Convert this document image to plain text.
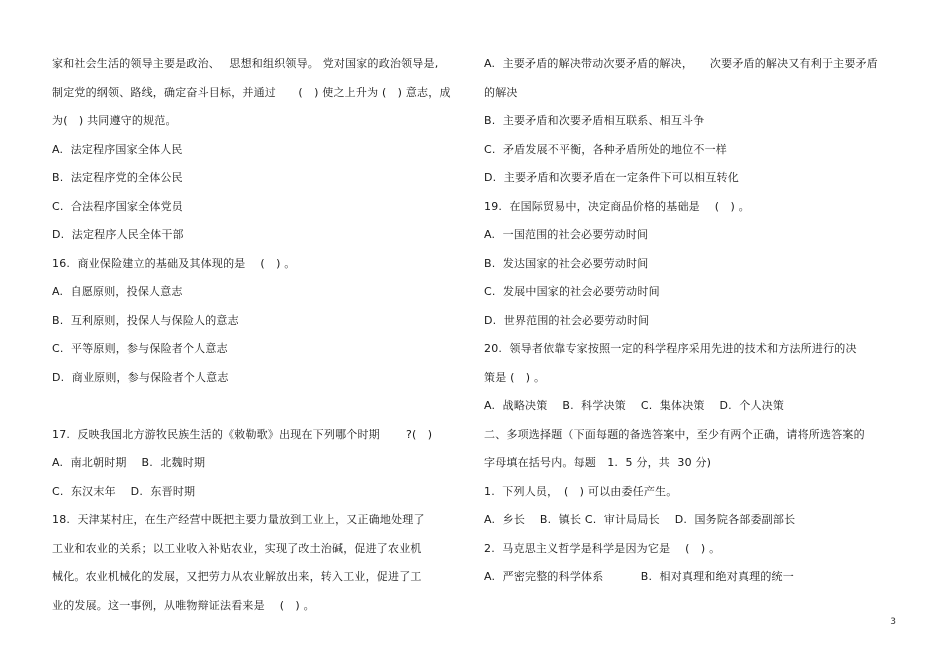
家和社会生活的领导主要是政治、　 思想和组织领导。 党对国家的政治领导是,
制定党的纲领、路线，确定奋斗目标，并通过　　(　) 使之上升为 (　) 意志，成
为(　) 共同遵守的规范。
A.  法定程序国家全体人民
B.  法定程序党的全体公民
C.  合法程序国家全体党员
D.  法定程序人民全体干部
16.  商业保险建立的基础及其体现的是　 (　) 。
A.  自愿原则，投保人意志
B.  互利原则，投保人与保险人的意志
C.  平等原则，参与保险者个人意志
D.  商业原则，参与保险者个人意志
17.  反映我国北方游牧民族生活的《敕勒歌》出现在下列哪个时期　　 ?(　)
A.  南北朝时期　 B.  北魏时期
C.  东汉末年　 D.  东晋时期
18.  天津某村庄，在生产经营中既把主要力量放到工业上，又正确地处理了
工业和农业的关系；以工业收入补贴农业，实现了改土治碱，促进了农业机
械化。农业机械化的发展，又把劳力从农业解放出来，转入工业，促进了工
业的发展。这一事例，从唯物辩证法看来是　 (　) 。
A.  主要矛盾的解决带动次要矛盾的解决，　　次要矛盾的解决又有利于主要矛盾
的解决
B.  主要矛盾和次要矛盾相互联系、相互斗争
C.  矛盾发展不平衡，各种矛盾所处的地位不一样
D.  主要矛盾和次要矛盾在一定条件下可以相互转化
19.  在国际贸易中，决定商品价格的基础是　 (　) 。
A.  一国范围的社会必要劳动时间
B.  发达国家的社会必要劳动时间
C.  发展中国家的社会必要劳动时间
D.  世界范围的社会必要劳动时间
20.  领导者依靠专家按照一定的科学程序采用先进的技术和方法所进行的决
策是 (　) 。
A.  战略决策　 B.  科学决策　 C.  集体决策　 D.  个人决策
二、多项选择题（下面每题的备选答案中，至少有两个正确，请将所选答案的
字母填在括号内。每题　1.  5 分，共  30 分)
1.  下列人员，　(　) 可以由委任产生。
A.  乡长　 B.  镇长 C.  审计局局长　 D.  国务院各部委副部长
2.  马克思主义哲学是科学是因为它是　 (　) 。
A.  严密完整的科学体系　　　 B.  相对真理和绝对真理的统一
3
